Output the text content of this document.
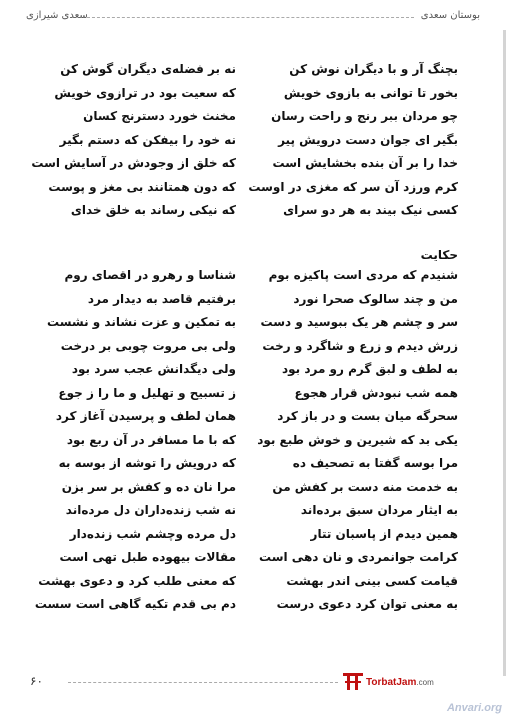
بوستان سعدی
سعدی شیرازی
بچنگ آر و با دیگران نوش کن
نه بر فضله‌ی دیگران گوش کن
بخور تا توانی به بازوی خویش
که سعیت بود در ترازوی خویش
چو مردان ببر رنج و راحت رسان
مخنث خورد دسترنج کسان
بگیر ای جوان دست درویش پیر
نه خود را بیفکن که دستم بگیر
خدا را بر آن بنده بخشایش است
که خلق از وجودش در آسایش است
کرم ورزد آن سر که مغزی در اوست
که دون همتانند بی مغز و پوست
کسی نیک بیند به هر دو سرای
که نیکی رساند به خلق خدای
حکایت
شنیدم که مردی است پاکیزه بوم
شناسا و رهرو در اقصای روم
من و چند سالوک صحرا نورد
برفتیم قاصد به دیدار مرد
سر و چشم هر یک ببوسید و دست
به تمکین و عزت نشاند و نشست
زرش دیدم و زرع و شاگرد و رخت
ولی بی مروت چوبی بر درخت
به لطف و لبق گرم رو مرد بود
ولی دیگدانش عجب سرد بود
همه شب نبودش قرار هجوع
ز تسبیح و تهلیل و ما را ز جوع
سحرگه میان بست و در باز کرد
همان لطف و پرسیدن آغاز کرد
یکی بد که شیرین و خوش طبع بود
که با ما مسافر در آن ربع بود
مرا بوسه گفتا به تصحیف ده
که درویش را توشه از بوسه به
به خدمت منه دست بر کفش من
مرا نان ده و کفش بر سر بزن
به ایثار مردان سبق برده‌اند
نه شب زنده‌داران دل مرده‌اند
همین دیدم از پاسبان تتار
دل مرده وچشم شب زنده‌دار
کرامت جوانمردی و نان دهی است
مقالات بیهوده طبل تهی است
قیامت کسی بینی اندر بهشت
که معنی طلب کرد و دعوی بهشت
به معنی توان کرد دعوی درست
دم بی قدم تکیه گاهی است سست
۶۰	TorbatJam.com
Anvari.org
